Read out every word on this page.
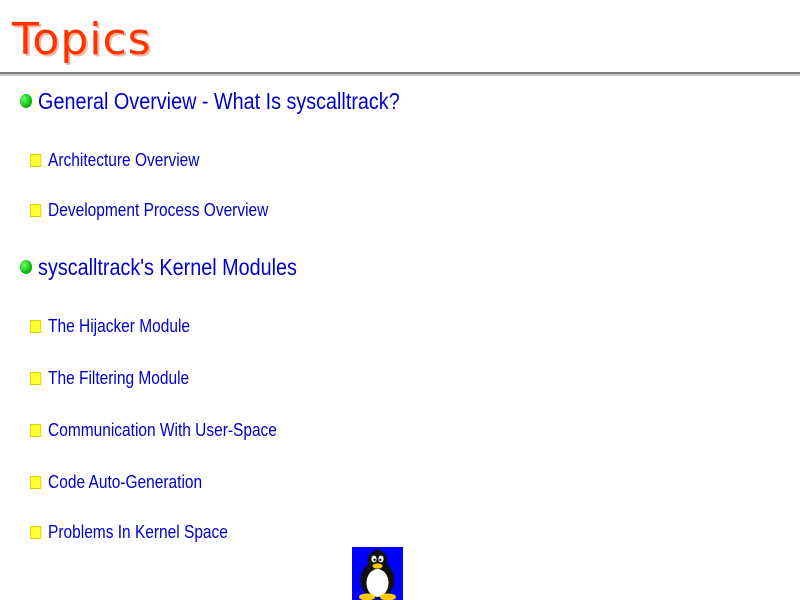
Topics
General Overview - What Is syscalltrack?
Architecture Overview
Development Process Overview
syscalltrack's Kernel Modules
The Hijacker Module
The Filtering Module
Communication With User-Space
Code Auto-Generation
Problems In Kernel Space
